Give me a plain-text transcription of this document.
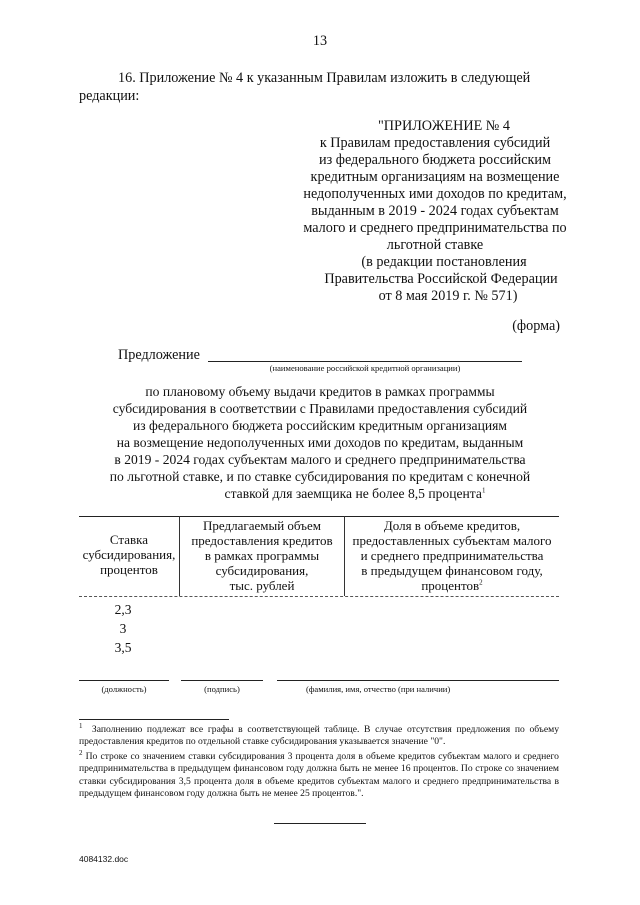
13
16. Приложение № 4 к указанным Правилам изложить в следующей
редакции:
"ПРИЛОЖЕНИЕ № 4
к Правилам предоставления субсидий
из федерального бюджета российским
кредитным организациям на возмещение
недополученных ими доходов по кредитам,
выданным в 2019 - 2024 годах субъектам
малого и среднего предпринимательства по
льготной ставке
(в редакции постановления
Правительства Российской Федерации
от 8 мая 2019 г. № 571)
(форма)
Предложение
(наименование российской кредитной организации)
по плановому объему выдачи кредитов в рамках программы
субсидирования в соответствии с Правилами предоставления субсидий
из федерального бюджета российским кредитным организациям
на возмещение недополученных ими доходов по кредитам, выданным
в 2019 - 2024 годах субъектам малого и среднего предпринимательства
по льготной ставке, и по ставке субсидирования по кредитам с конечной
ставкой для заемщика не более 8,5 процента$^1$
Ставка
субсидирования,
процентов

Предлагаемый объем
предоставления кредитов
в рамках программы
субсидирования,
тыс. рублей

Доля в объеме кредитов,
предоставленных субъектам малого
и среднего предпринимательства
в предыдущем финансовом году,
процентов$^2$
2,3
3
3,5
(должность)	(подпись)	(фамилия, имя, отчество (при наличии)
$^1$ Заполнению подлежат все графы в соответствующей таблице. В случае отсутствия предложения по объему предоставления кредитов по отдельной ставке субсидирования указывается значение "0".
$^2$ По строке со значением ставки субсидирования 3 процента доля в объеме кредитов субъектам малого и среднего предпринимательства в предыдущем финансовом году должна быть не менее 16 процентов. По строке со значением ставки субсидирования 3,5 процента доля в объеме кредитов субъектам малого и среднего предпринимательства в предыдущем финансовом году должна быть не менее 25 процентов.".
4084132.doc
